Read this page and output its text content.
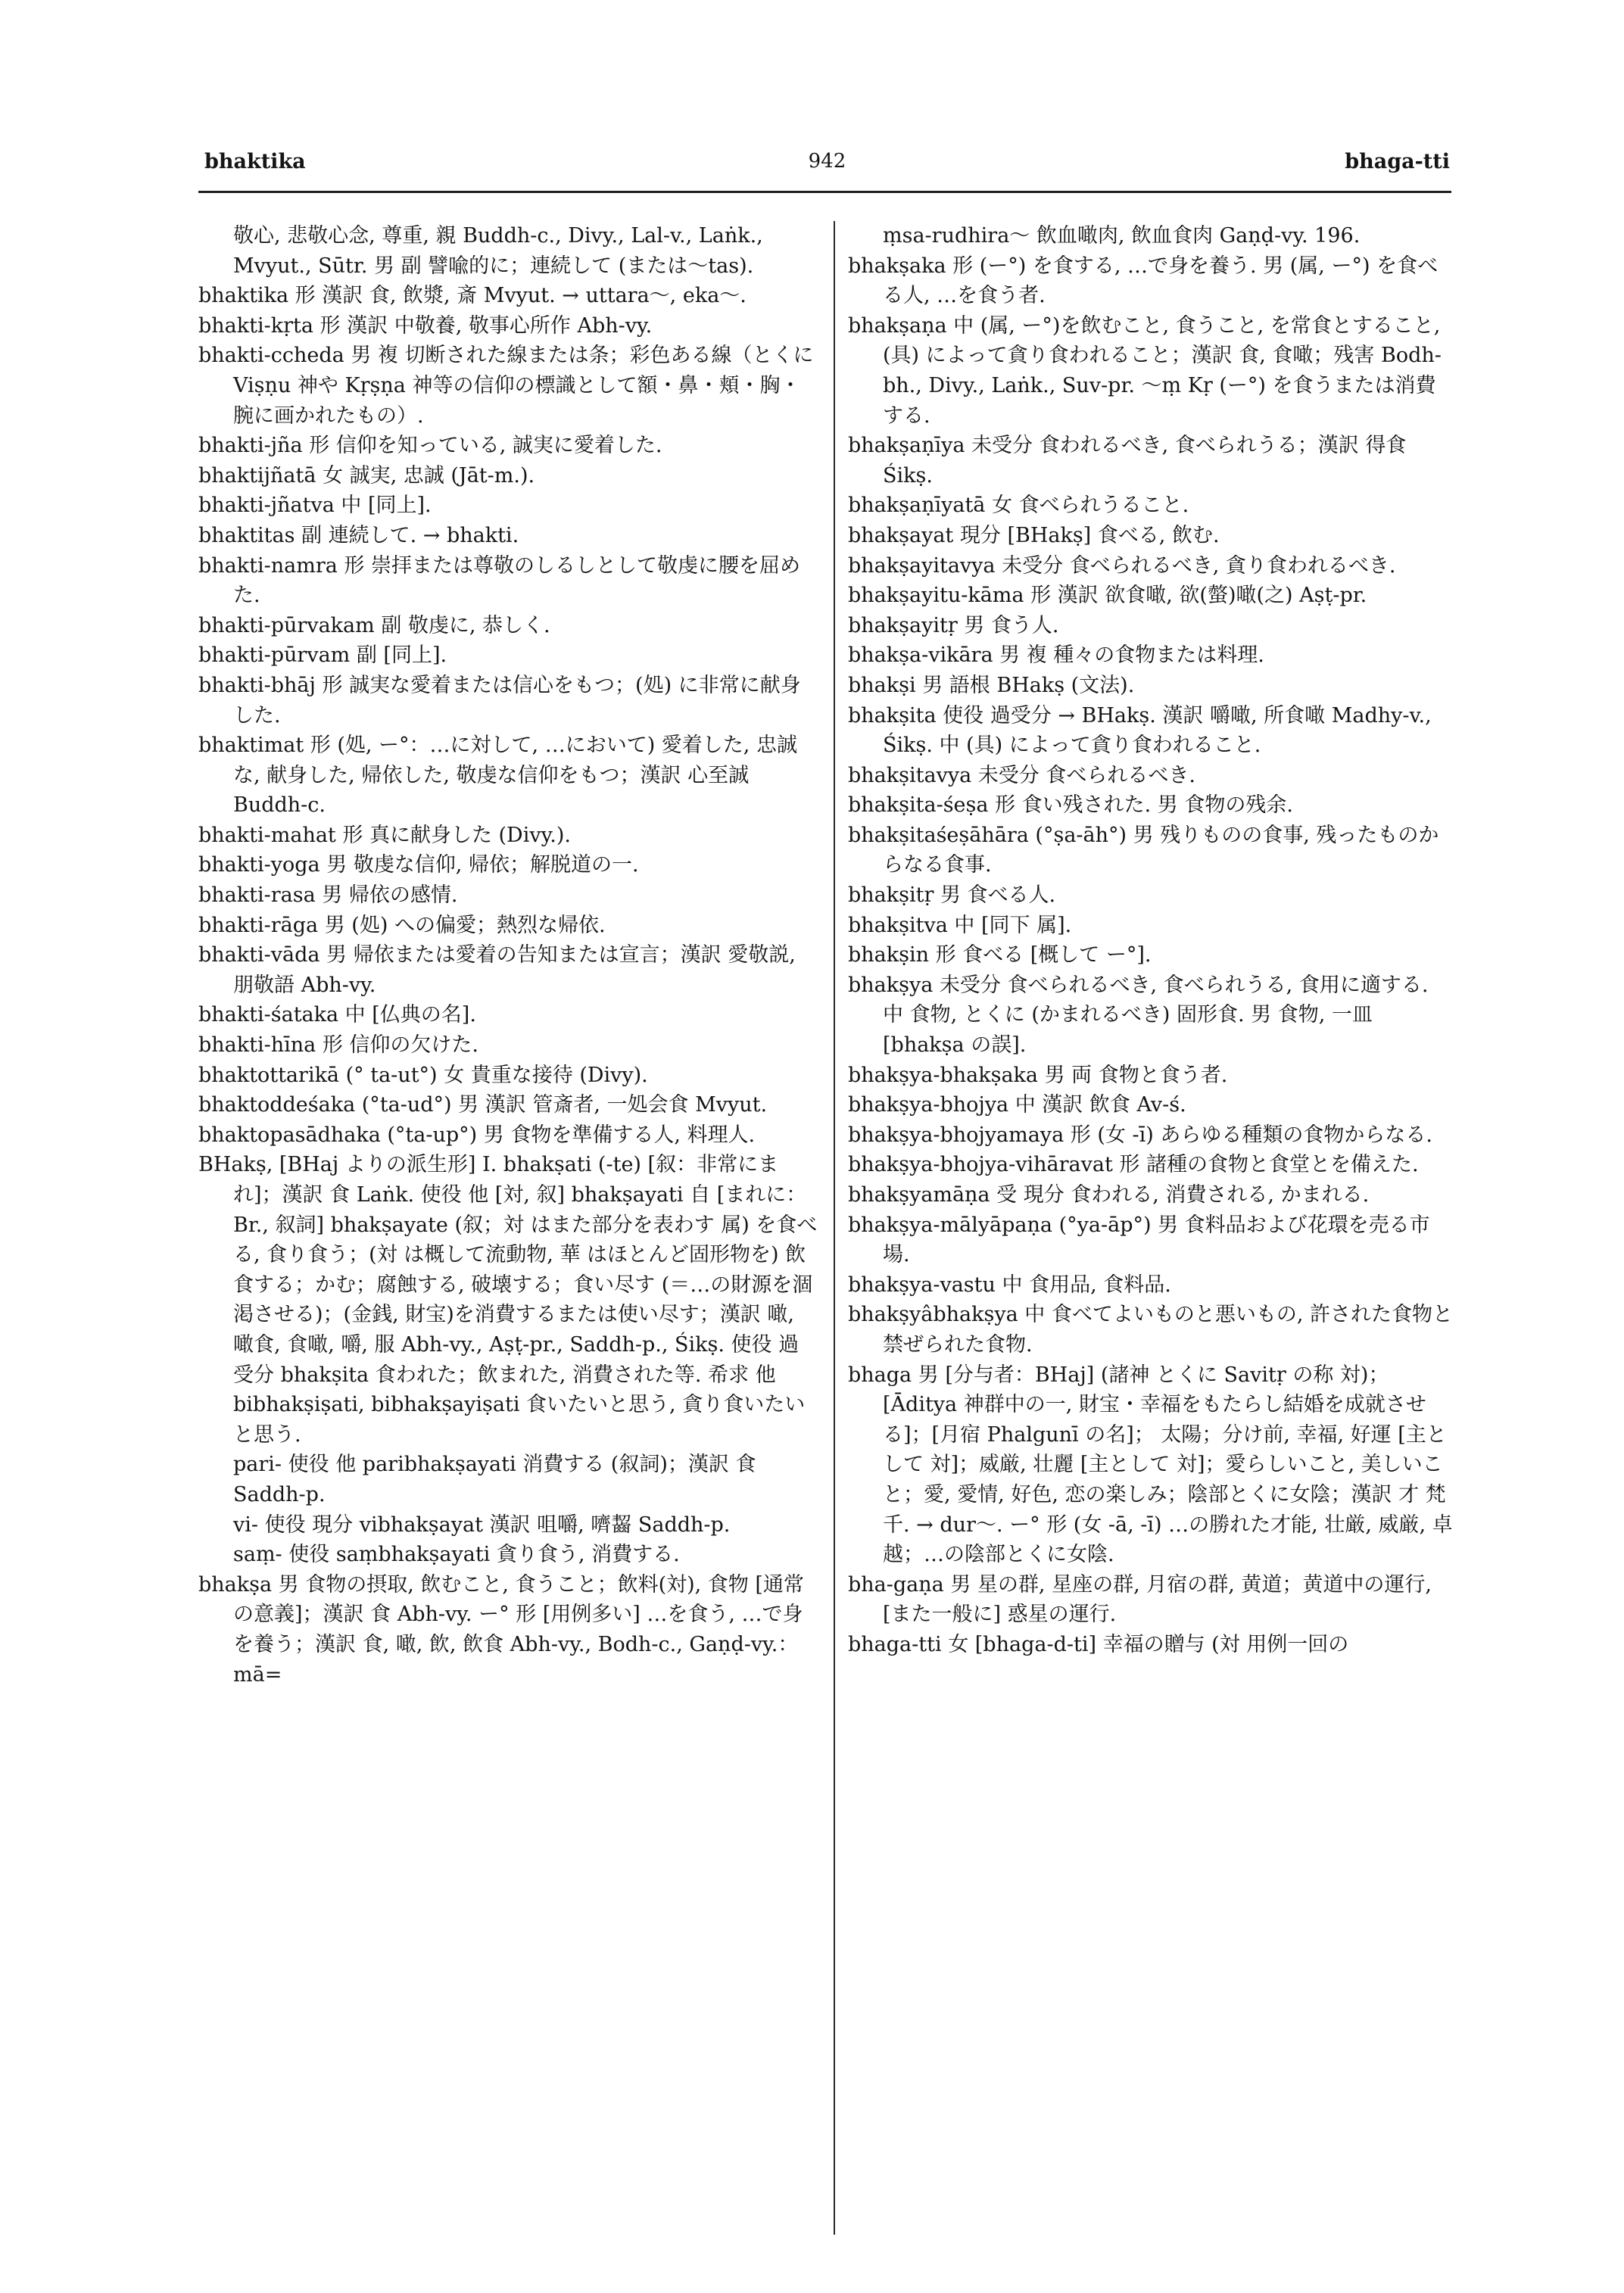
bhaktika	942	bhaga-tti

敬心, 悲敬心念, 尊重, 親 Buddh-c., Divy., Lal-v., Laṅk., Mvyut., Sūtr. 男 副 譬喩的に；連続して (または～tas).

bhaktika 形 漢訳 食, 飲漿, 斎 Mvyut. → uttara～, eka～.

bhakti-kṛta 形 漢訳 中敬養, 敬事心所作 Abh-vy.

bhakti-ccheda 男 複 切断された線または条；彩色ある線（とくに Viṣṇu 神や Kṛṣṇa 神等の信仰の標識として額・鼻・頬・胸・腕に画かれたもの）.

bhakti-jña 形 信仰を知っている, 誠実に愛着した.

bhaktijñatā 女 誠実, 忠誠 (Jāt-m.).

bhakti-jñatva 中 [同上].

bhaktitas 副 連続して. → bhakti.

bhakti-namra 形 崇拝または尊敬のしるしとして敬虔に腰を屈めた.

bhakti-pūrvakam 副 敬虔に, 恭しく.

bhakti-pūrvam 副 [同上].

bhakti-bhāj 形 誠実な愛着または信心をもつ；(処) に非常に献身した.

bhaktimat 形 (処, ー°：…に対して, …において) 愛着した, 忠誠な, 献身した, 帰依した, 敬虔な信仰をもつ；漢訳 心至誠 Buddh-c.

bhakti-mahat 形 真に献身した (Divy.).

bhakti-yoga 男 敬虔な信仰, 帰依；解脱道の一.

bhakti-rasa 男 帰依の感情.

bhakti-rāga 男 (処) への偏愛；熱烈な帰依.

bhakti-vāda 男 帰依または愛着の告知または宣言；漢訳 愛敬説, 朋敬語 Abh-vy.

bhakti-śataka 中 [仏典の名].

bhakti-hīna 形 信仰の欠けた.

bhaktottarikā (° ta-ut°) 女 貴重な接待 (Divy).

bhaktoddeśaka (°ta-ud°) 男 漢訳 管斎者, 一処会食 Mvyut.

bhaktopasādhaka (°ta-up°) 男 食物を準備する人, 料理人.

BHakṣ, [BHaj よりの派生形] I. bhakṣati (-te) [叙：非常にまれ]；漢訳 食 Laṅk. 使役 他 [対, 叙] bhakṣayati 自 [まれに：Br., 叙詞] bhakṣayate (叙；対 はまた部分を表わす 属) を食べる, 食り食う；(対 は概して流動物, 華 はほとんど固形物を) 飲食する；かむ；腐蝕する, 破壊する；食い尽す (＝…の財源を涸渇させる)；(金銭, 財宝)を消費するまたは使い尽す；漢訳 噉, 噉食, 食噉, 嚼, 服 Abh-vy., Aṣṭ-pr., Saddh-p., Śikṣ. 使役 過受分 bhakṣita 食われた；飲まれた, 消費された等. 希求 他 bibhakṣiṣati, bibhakṣayiṣati 食いたいと思う, 貪り食いたいと思う.

pari- 使役 他 paribhakṣayati 消費する (叙詞)；漢訳 食 Saddh-p.

vi- 使役 現分 vibhakṣayat 漢訳 咀嚼, 嚌齧 Saddh-p.

saṃ- 使役 saṃbhakṣayati 貪り食う, 消費する.

bhakṣa 男 食物の摂取, 飲むこと, 食うこと；飲料(対), 食物 [通常の意義]；漢訳 食 Abh-vy. ー° 形 [用例多い] …を食う, …で身を養う；漢訳 食, 噉, 飲, 飲食 Abh-vy., Bodh-c., Gaṇḍ-vy.：mā=

ṃsa-rudhira～ 飲血噉肉, 飲血食肉 Gaṇḍ-vy. 196.

bhakṣaka 形 (ー°) を食する, …で身を養う. 男 (属, ー°) を食べる人, …を食う者.

bhakṣaṇa 中 (属, ー°)を飲むこと, 食うこと, を常食とすること, (具) によって貪り食われること；漢訳 食, 食噉；残害 Bodh-bh., Divy., Laṅk., Suv-pr. ～ṃ Kṛ (ー°) を食うまたは消費する.

bhakṣaṇīya 未受分 食われるべき, 食べられうる；漢訳 得食 Śikṣ.

bhakṣaṇīyatā 女 食べられうること.

bhakṣayat 現分 [BHakṣ] 食べる, 飲む.

bhakṣayitavya 未受分 食べられるべき, 貪り食われるべき.

bhakṣayitu-kāma 形 漢訳 欲食噉, 欲(螫)噉(之) Aṣṭ-pr.

bhakṣayitṛ 男 食う人.

bhakṣa-vikāra 男 複 種々の食物または料理.

bhakṣi 男 語根 BHakṣ (文法).

bhakṣita 使役 過受分 → BHakṣ. 漢訳 嚼噉, 所食噉 Madhy-v., Śikṣ. 中 (具) によって貪り食われること.

bhakṣitavya 未受分 食べられるべき.

bhakṣita-śeṣa 形 食い残された. 男 食物の残余.

bhakṣitaśeṣāhāra (°ṣa-āh°) 男 残りものの食事, 残ったものからなる食事.

bhakṣitṛ 男 食べる人.

bhakṣitva 中 [同下 属].

bhakṣin 形 食べる [概して ー°].

bhakṣya 未受分 食べられるべき, 食べられうる, 食用に適する. 中 食物, とくに (かまれるべき) 固形食. 男 食物, 一皿 [bhakṣa の誤].

bhakṣya-bhakṣaka 男 両 食物と食う者.

bhakṣya-bhojya 中 漢訳 飲食 Av-ś.

bhakṣya-bhojyamaya 形 (女 -ī) あらゆる種類の食物からなる.

bhakṣya-bhojya-vihāravat 形 諸種の食物と食堂とを備えた.

bhakṣyamāṇa 受 現分 食われる, 消費される, かまれる.

bhakṣya-mālyāpaṇa (°ya-āp°) 男 食料品および花環を売る市場.

bhakṣya-vastu 中 食用品, 食料品.

bhakṣyâbhakṣya 中 食べてよいものと悪いもの, 許された食物と禁ぜられた食物.

bhaga 男 [分与者：BHaj] (諸神 とくに Savitṛ の称 対)；[Āditya 神群中の一, 財宝・幸福をもたらし結婚を成就させる]；[月宿 Phalgunī の名]； 太陽；分け前, 幸福, 好運 [主として 対]；威厳, 壮麗 [主として 対]；愛らしいこと, 美しいこと；愛, 愛情, 好色, 恋の楽しみ；陰部とくに女陰；漢訳 才 梵千. → dur～. ー° 形 (女 -ā, -ī) …の勝れた才能, 壮厳, 威厳, 卓越；…の陰部とくに女陰.

bha-gaṇa 男 星の群, 星座の群, 月宿の群, 黄道；黄道中の運行, [また一般に] 惑星の運行.

bhaga-tti 女 [bhaga-d-ti] 幸福の贈与 (対 用例一回の
